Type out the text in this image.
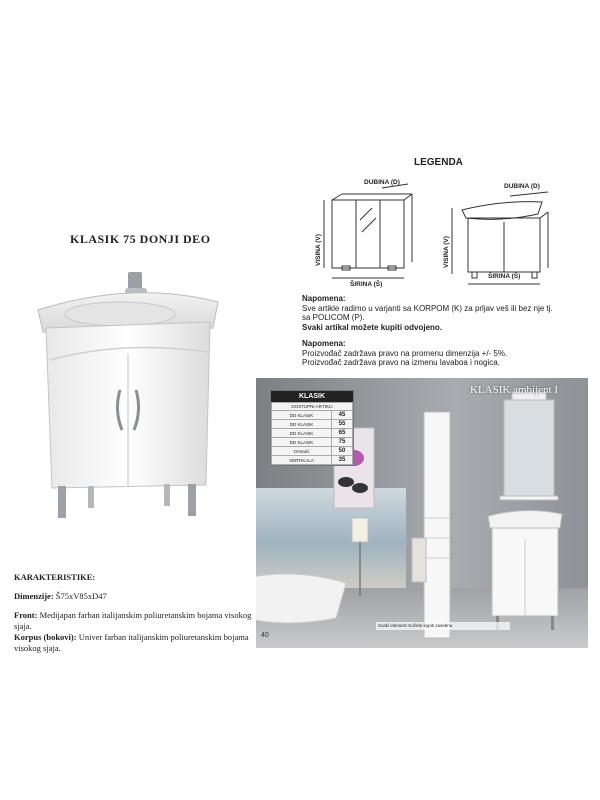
KLASIK 75 DONJI DEO
KARAKTERISTIKE:
Dimenzije: Š75xV85xD47
Front: Medijapan farban italijanskim poliuretanskim bojama visokog sjaja.
Korpus (bokovi): Univer farban italijanskim poliuretanskim bojama visokog sjaja.
LEGENDA
DUBINA (D)
VISINA (V)
ŠIRINA (Š)
DUBINA (D)
VISINA (V)
ŠIRINA (Š)
Napomena:
Sve artikle radimo u varjanti sa KORPOM (K) za prljav veš ili bez nje tj.
sa POLICOM (P).
Svaki artikal možete kupiti odvojeno.
Napomena:
Proizvođač zadržava pravo na promenu dimenzija +/- 5%.
Proizvođač zadržava pravo na izmenu lavaboa i nogica.
KLASIK ambijent I
KLASIK
DOSTUPNI ARTIKLI	
DD KLASIK	45
DD KLASIK	55
DD KLASIK	65
DD KLASIK	75
Ormarić	50
VERTIKALA	35
Svaki element možete kupiti zasebno
40
